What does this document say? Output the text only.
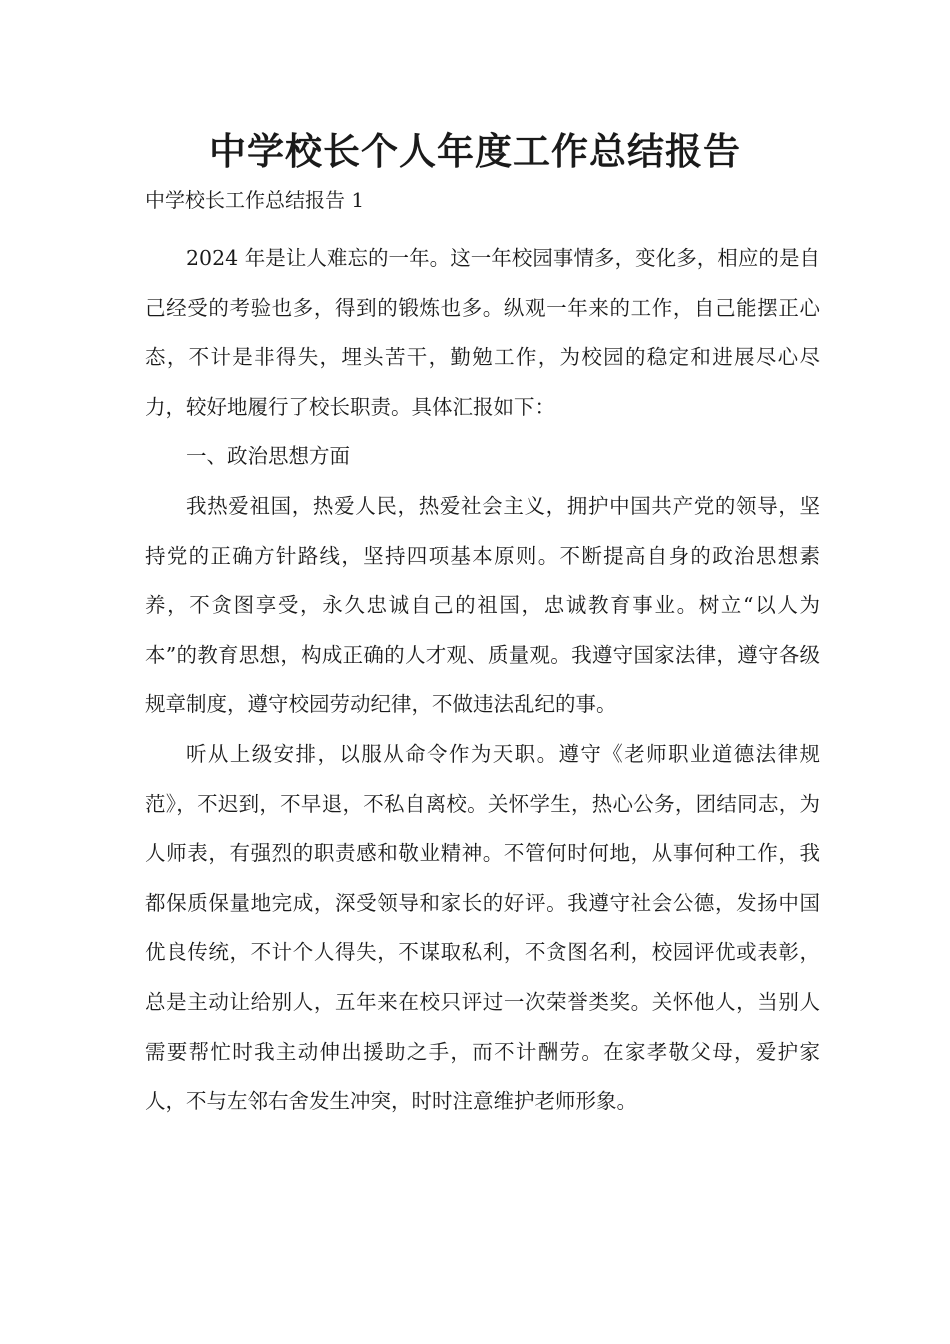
中学校长个人年度工作总结报告
中学校长工作总结报告 1

2024 年是让人难忘的一年。这一年校园事情多，变化多，相应的是自己经受的考验也多，得到的锻炼也多。纵观一年来的工作，自己能摆正心态，不计是非得失，埋头苦干，勤勉工作，为校园的稳定和进展尽心尽力，较好地履行了校长职责。具体汇报如下：

一、政治思想方面

我热爱祖国，热爱人民，热爱社会主义，拥护中国共产党的领导，坚持党的正确方针路线，坚持四项基本原则。不断提高自身的政治思想素养，不贪图享受，永久忠诚自己的祖国，忠诚教育事业。树立“以人为本”的教育思想，构成正确的人才观、质量观。我遵守国家法律，遵守各级规章制度，遵守校园劳动纪律，不做违法乱纪的事。

听从上级安排，以服从命令作为天职。遵守《老师职业道德法律规范》，不迟到，不早退，不私自离校。关怀学生，热心公务，团结同志，为人师表，有强烈的职责感和敬业精神。不管何时何地，从事何种工作，我都保质保量地完成，深受领导和家长的好评。我遵守社会公德，发扬中国优良传统，不计个人得失，不谋取私利，不贪图名利，校园评优或表彰，总是主动让给别人，五年来在校只评过一次荣誉类奖。关怀他人，当别人需要帮忙时我主动伸出援助之手，而不计酬劳。在家孝敬父母，爱护家人，不与左邻右舍发生冲突，时时注意维护老师形象。
